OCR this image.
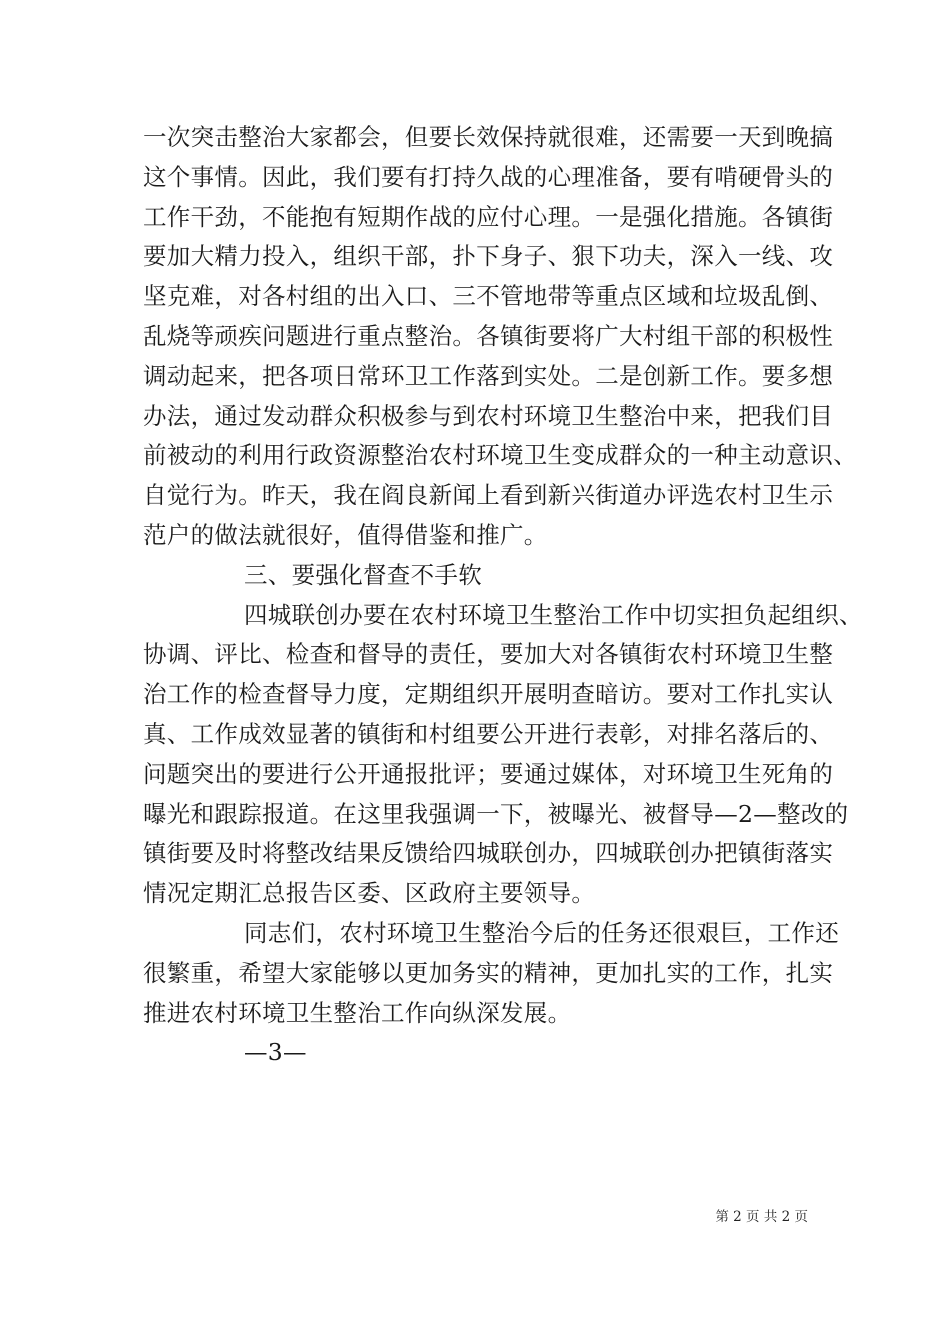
一次突击整治大家都会，但要长效保持就很难，还需要一天到晚搞
这个事情。因此，我们要有打持久战的心理准备，要有啃硬骨头的
工作干劲，不能抱有短期作战的应付心理。一是强化措施。各镇街
要加大精力投入，组织干部，扑下身子、狠下功夫，深入一线、攻
坚克难，对各村组的出入口、三不管地带等重点区域和垃圾乱倒、
乱烧等顽疾问题进行重点整治。各镇街要将广大村组干部的积极性
调动起来，把各项日常环卫工作落到实处。二是创新工作。要多想
办法，通过发动群众积极参与到农村环境卫生整治中来，把我们目
前被动的利用行政资源整治农村环境卫生变成群众的一种主动意识、
自觉行为。昨天，我在阎良新闻上看到新兴街道办评选农村卫生示
范户的做法就很好，值得借鉴和推广。
三、要强化督查不手软
四城联创办要在农村环境卫生整治工作中切实担负起组织、
协调、评比、检查和督导的责任，要加大对各镇街农村环境卫生整
治工作的检查督导力度，定期组织开展明查暗访。要对工作扎实认
真、工作成效显著的镇街和村组要公开进行表彰，对排名落后的、
问题突出的要进行公开通报批评；要通过媒体，对环境卫生死角的
曝光和跟踪报道。在这里我强调一下，被曝光、被督导—2—整改的
镇街要及时将整改结果反馈给四城联创办，四城联创办把镇街落实
情况定期汇总报告区委、区政府主要领导。
同志们，农村环境卫生整治今后的任务还很艰巨，工作还
很繁重，希望大家能够以更加务实的精神，更加扎实的工作，扎实
推进农村环境卫生整治工作向纵深发展。
—3—
第 2 页 共 2 页
